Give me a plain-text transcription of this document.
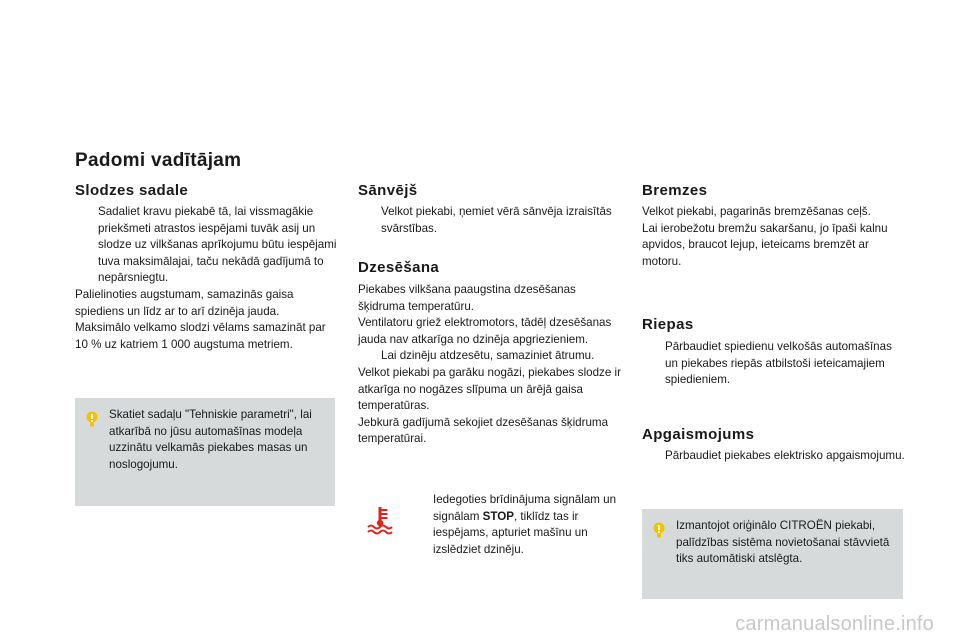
Padomi vadītājam
Slodzes sadale
Sadaliet kravu piekabē tā, lai vissmagākie priekšmeti atrastos iespējami tuvāk asij un slodze uz vilkšanas aprīkojumu būtu iespējami tuva maksimālajai, taču nekādā gadījumā to nepārsniegtu.
Palielinoties augstumam, samazinās gaisa spiediens un līdz ar to arī dzinēja jauda.
Maksimālo velkamo slodzi vēlams samazināt par 10 % uz katriem 1 000 augstuma metriem.
Skatiet sadaļu "Tehniskie parametri", lai atkarībā no jūsu automašīnas modeļa uzzinātu velkamās piekabes masas un noslogojumu.
Sānvējš
Velkot piekabi, ņemiet vērā sānvēja izraisītās svārstības.
Dzesēšana
Piekabes vilkšana paaugstina dzesēšanas šķidruma temperatūru.
Ventilatoru griež elektromotors, tādēļ dzesēšanas jauda nav atkarīga no dzinēja apgriezieniem.
Lai dzinēju atdzesētu, samaziniet ātrumu.
Velkot piekabi pa garāku nogāzi, piekabes slodze ir atkarīga no nogāzes slīpuma un ārējā gaisa temperatūras.
Jebkurā gadījumā sekojiet dzesēšanas šķidruma temperatūrai.
Iedegoties brīdinājuma signālam un signālam STOP, tiklīdz tas ir iespējams, apturiet mašīnu un izslēdziet dzinēju.
Bremzes
Velkot piekabi, pagarinās bremzēšanas ceļš.
Lai ierobežotu bremžu sakaršanu, jo īpaši kalnu apvidos, braucot lejup, ieteicams bremzēt ar motoru.
Riepas
Pārbaudiet spiedienu velkošās automašīnas un piekabes riepās atbilstoši ieteicamajiem spiedieniem.
Apgaismojums
Pārbaudiet piekabes elektrisko apgaismojumu.
Izmantojot oriģinālo CITROËN piekabi, palīdzības sistēma novietošanai stāvvietā tiks automātiski atslēgta.
carmanualsonline.info
